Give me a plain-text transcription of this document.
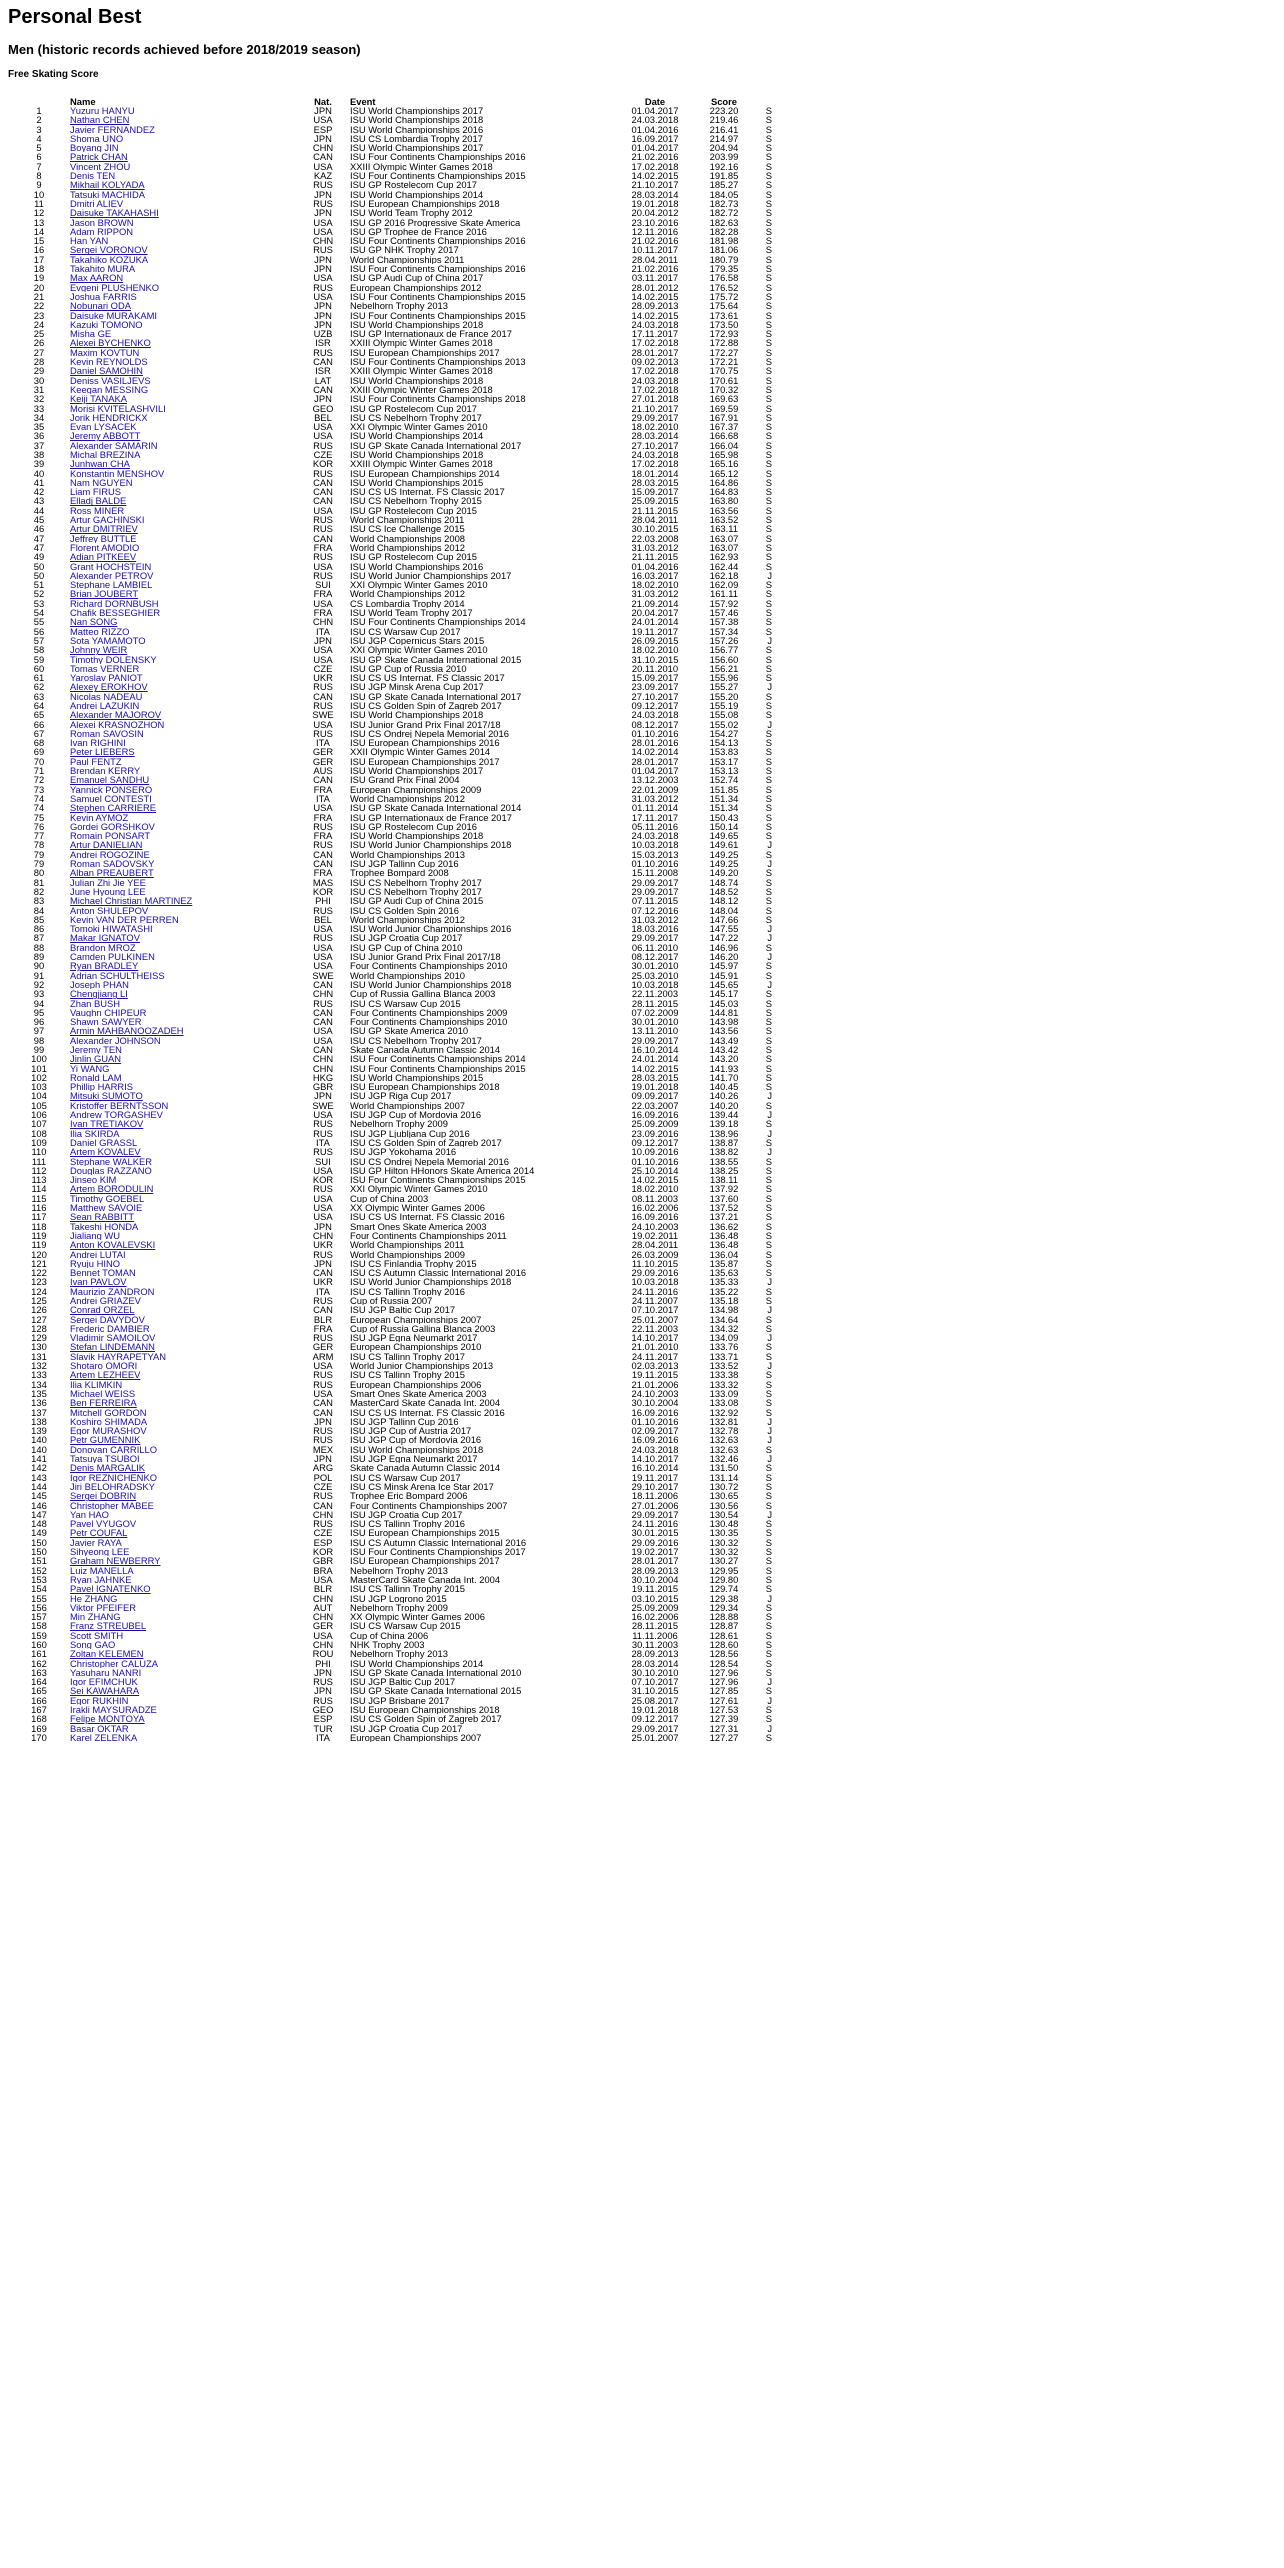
Personal Best
Men (historic records achieved before 2018/2019 season)
Free Skating Score
	Name	Nat.	Event	Date	Score	
1	Yuzuru HANYU	JPN	ISU World Championships 2017	01.04.2017	223.20	S
2	Nathan CHEN	USA	ISU World Championships 2018	24.03.2018	219.46	S
3	Javier FERNANDEZ	ESP	ISU World Championships 2016	01.04.2016	216.41	S
4	Shoma UNO	JPN	ISU CS Lombardia Trophy 2017	16.09.2017	214.97	S
5	Boyang JIN	CHN	ISU World Championships 2017	01.04.2017	204.94	S
6	Patrick CHAN	CAN	ISU Four Continents Championships 2016	21.02.2016	203.99	S
7	Vincent ZHOU	USA	XXIII Olympic Winter Games 2018	17.02.2018	192.16	S
8	Denis TEN	KAZ	ISU Four Continents Championships 2015	14.02.2015	191.85	S
9	Mikhail KOLYADA	RUS	ISU GP Rostelecom Cup 2017	21.10.2017	185.27	S
10	Tatsuki MACHIDA	JPN	ISU World Championships 2014	28.03.2014	184.05	S
11	Dmitri ALIEV	RUS	ISU European Championships 2018	19.01.2018	182.73	S
12	Daisuke TAKAHASHI	JPN	ISU World Team Trophy 2012	20.04.2012	182.72	S
13	Jason BROWN	USA	ISU GP 2016 Progressive Skate America	23.10.2016	182.63	S
14	Adam RIPPON	USA	ISU GP Trophee de France 2016	12.11.2016	182.28	S
15	Han YAN	CHN	ISU Four Continents Championships 2016	21.02.2016	181.98	S
16	Sergei VORONOV	RUS	ISU GP NHK Trophy 2017	10.11.2017	181.06	S
17	Takahiko KOZUKA	JPN	World Championships 2011	28.04.2011	180.79	S
18	Takahito MURA	JPN	ISU Four Continents Championships 2016	21.02.2016	179.35	S
19	Max AARON	USA	ISU GP Audi Cup of China 2017	03.11.2017	176.58	S
20	Evgeni PLUSHENKO	RUS	European Championships 2012	28.01.2012	176.52	S
21	Joshua FARRIS	USA	ISU Four Continents Championships 2015	14.02.2015	175.72	S
22	Nobunari ODA	JPN	Nebelhorn Trophy 2013	28.09.2013	175.64	S
23	Daisuke MURAKAMI	JPN	ISU Four Continents Championships 2015	14.02.2015	173.61	S
24	Kazuki TOMONO	JPN	ISU World Championships 2018	24.03.2018	173.50	S
25	Misha GE	UZB	ISU GP Internationaux de France 2017	17.11.2017	172.93	S
26	Alexei BYCHENKO	ISR	XXIII Olympic Winter Games 2018	17.02.2018	172.88	S
27	Maxim KOVTUN	RUS	ISU European Championships 2017	28.01.2017	172.27	S
28	Kevin REYNOLDS	CAN	ISU Four Continents Championships 2013	09.02.2013	172.21	S
29	Daniel SAMOHIN	ISR	XXIII Olympic Winter Games 2018	17.02.2018	170.75	S
30	Deniss VASILJEVS	LAT	ISU World Championships 2018	24.03.2018	170.61	S
31	Keegan MESSING	CAN	XXIII Olympic Winter Games 2018	17.02.2018	170.32	S
32	Keiji TANAKA	JPN	ISU Four Continents Championships 2018	27.01.2018	169.63	S
33	Morisi KVITELASHVILI	GEO	ISU GP Rostelecom Cup 2017	21.10.2017	169.59	S
34	Jorik HENDRICKX	BEL	ISU CS Nebelhorn Trophy 2017	29.09.2017	167.91	S
35	Evan LYSACEK	USA	XXI Olympic Winter Games 2010	18.02.2010	167.37	S
36	Jeremy ABBOTT	USA	ISU World Championships 2014	28.03.2014	166.68	S
37	Alexander SAMARIN	RUS	ISU GP Skate Canada International 2017	27.10.2017	166.04	S
38	Michal BREZINA	CZE	ISU World Championships 2018	24.03.2018	165.98	S
39	Junhwan CHA	KOR	XXIII Olympic Winter Games 2018	17.02.2018	165.16	S
40	Konstantin MENSHOV	RUS	ISU European Championships 2014	18.01.2014	165.12	S
41	Nam NGUYEN	CAN	ISU World Championships 2015	28.03.2015	164.86	S
42	Liam FIRUS	CAN	ISU CS US Internat. FS Classic 2017	15.09.2017	164.83	S
43	Elladj BALDE	CAN	ISU CS Nebelhorn Trophy 2015	25.09.2015	163.80	S
44	Ross MINER	USA	ISU GP Rostelecom Cup 2015	21.11.2015	163.56	S
45	Artur GACHINSKI	RUS	World Championships 2011	28.04.2011	163.52	S
46	Artur DMITRIEV	RUS	ISU CS Ice Challenge 2015	30.10.2015	163.11	S
47	Jeffrey BUTTLE	CAN	World Championships 2008	22.03.2008	163.07	S
47	Florent AMODIO	FRA	World Championships 2012	31.03.2012	163.07	S
49	Adian PITKEEV	RUS	ISU GP Rostelecom Cup 2015	21.11.2015	162.93	S
50	Grant HOCHSTEIN	USA	ISU World Championships 2016	01.04.2016	162.44	S
50	Alexander PETROV	RUS	ISU World Junior Championships 2017	16.03.2017	162.18	J
51	Stephane LAMBIEL	SUI	XXI Olympic Winter Games 2010	18.02.2010	162.09	S
52	Brian JOUBERT	FRA	World Championships 2012	31.03.2012	161.11	S
53	Richard DORNBUSH	USA	CS Lombardia Trophy 2014	21.09.2014	157.92	S
54	Chafik BESSEGHIER	FRA	ISU World Team Trophy 2017	20.04.2017	157.46	S
55	Nan SONG	CHN	ISU Four Continents Championships 2014	24.01.2014	157.38	S
56	Matteo RIZZO	ITA	ISU CS Warsaw Cup 2017	19.11.2017	157.34	S
57	Sota YAMAMOTO	JPN	ISU JGP Copernicus Stars 2015	26.09.2015	157.26	J
58	Johnny WEIR	USA	XXI Olympic Winter Games 2010	18.02.2010	156.77	S
59	Timothy DOLENSKY	USA	ISU GP Skate Canada International 2015	31.10.2015	156.60	S
60	Tomas VERNER	CZE	ISU GP Cup of Russia 2010	20.11.2010	156.21	S
61	Yaroslav PANIOT	UKR	ISU CS US Internat. FS Classic 2017	15.09.2017	155.96	S
62	Alexey EROKHOV	RUS	ISU JGP Minsk Arena Cup 2017	23.09.2017	155.27	J
63	Nicolas NADEAU	CAN	ISU GP Skate Canada International 2017	27.10.2017	155.20	S
64	Andrei LAZUKIN	RUS	ISU CS Golden Spin of Zagreb 2017	09.12.2017	155.19	S
65	Alexander MAJOROV	SWE	ISU World Championships 2018	24.03.2018	155.08	S
66	Alexei KRASNOZHON	USA	ISU Junior Grand Prix Final 2017/18	08.12.2017	155.02	J
67	Roman SAVOSIN	RUS	ISU CS Ondrej Nepela Memorial 2016	01.10.2016	154.27	S
68	Ivan RIGHINI	ITA	ISU European Championships 2016	28.01.2016	154.13	S
69	Peter LIEBERS	GER	XXII Olympic Winter Games 2014	14.02.2014	153.83	S
70	Paul FENTZ	GER	ISU European Championships 2017	28.01.2017	153.17	S
71	Brendan KERRY	AUS	ISU World Championships 2017	01.04.2017	153.13	S
72	Emanuel SANDHU	CAN	ISU Grand Prix Final 2004	13.12.2003	152.74	S
73	Yannick PONSERO	FRA	European Championships 2009	22.01.2009	151.85	S
74	Samuel CONTESTI	ITA	World Championships 2012	31.03.2012	151.34	S
74	Stephen CARRIERE	USA	ISU GP Skate Canada International 2014	01.11.2014	151.34	S
75	Kevin AYMOZ	FRA	ISU GP Internationaux de France 2017	17.11.2017	150.43	S
76	Gordei GORSHKOV	RUS	ISU GP Rostelecom Cup 2016	05.11.2016	150.14	S
77	Romain PONSART	FRA	ISU World Championships 2018	24.03.2018	149.65	S
78	Artur DANIELIAN	RUS	ISU World Junior Championships 2018	10.03.2018	149.61	J
79	Andrei ROGOZINE	CAN	World Championships 2013	15.03.2013	149.25	S
79	Roman SADOVSKY	CAN	ISU JGP Tallinn Cup 2016	01.10.2016	149.25	J
80	Alban PREAUBERT	FRA	Trophee Bompard 2008	15.11.2008	149.20	S
81	Julian Zhi Jie YEE	MAS	ISU CS Nebelhorn Trophy 2017	29.09.2017	148.74	S
82	June Hyoung LEE	KOR	ISU CS Nebelhorn Trophy 2017	29.09.2017	148.52	S
83	Michael Christian MARTINEZ	PHI	ISU GP Audi Cup of China 2015	07.11.2015	148.12	S
84	Anton SHULEPOV	RUS	ISU CS Golden Spin 2016	07.12.2016	148.04	S
85	Kevin VAN DER PERREN	BEL	World Championships 2012	31.03.2012	147.66	S
86	Tomoki HIWATASHI	USA	ISU World Junior Championships 2016	18.03.2016	147.55	J
87	Makar IGNATOV	RUS	ISU JGP Croatia Cup 2017	29.09.2017	147.22	J
88	Brandon MROZ	USA	ISU GP Cup of China 2010	06.11.2010	146.96	S
89	Camden PULKINEN	USA	ISU Junior Grand Prix Final 2017/18	08.12.2017	146.20	J
90	Ryan BRADLEY	USA	Four Continents Championships 2010	30.01.2010	145.97	S
91	Adrian SCHULTHEISS	SWE	World Championships 2010	25.03.2010	145.91	S
92	Joseph PHAN	CAN	ISU World Junior Championships 2018	10.03.2018	145.65	J
93	Chengjiang LI	CHN	Cup of Russia Gallina Blanca 2003	22.11.2003	145.17	S
94	Zhan BUSH	RUS	ISU CS Warsaw Cup 2015	28.11.2015	145.03	S
95	Vaughn CHIPEUR	CAN	Four Continents Championships 2009	07.02.2009	144.81	S
96	Shawn SAWYER	CAN	Four Continents Championships 2010	30.01.2010	143.98	S
97	Armin MAHBANOOZADEH	USA	ISU GP Skate America 2010	13.11.2010	143.56	S
98	Alexander JOHNSON	USA	ISU CS Nebelhorn Trophy 2017	29.09.2017	143.49	S
99	Jeremy TEN	CAN	Skate Canada Autumn Classic 2014	16.10.2014	143.42	S
100	Jinlin GUAN	CHN	ISU Four Continents Championships 2014	24.01.2014	143.20	S
101	Yi WANG	CHN	ISU Four Continents Championships 2015	14.02.2015	141.93	S
102	Ronald LAM	HKG	ISU World Championships 2015	28.03.2015	141.70	S
103	Phillip HARRIS	GBR	ISU European Championships 2018	19.01.2018	140.45	S
104	Mitsuki SUMOTO	JPN	ISU JGP Riga Cup 2017	09.09.2017	140.26	J
105	Kristoffer BERNTSSON	SWE	World Championships 2007	22.03.2007	140.20	S
106	Andrew TORGASHEV	USA	ISU JGP Cup of Mordovia 2016	16.09.2016	139.44	J
107	Ivan TRETIAKOV	RUS	Nebelhorn Trophy 2009	25.09.2009	139.18	S
108	Ilia SKIRDA	RUS	ISU JGP Ljubljana Cup 2016	23.09.2016	138.96	J
109	Daniel GRASSL	ITA	ISU CS Golden Spin of Zagreb 2017	09.12.2017	138.87	S
110	Artem KOVALEV	RUS	ISU JGP Yokohama 2016	10.09.2016	138.82	J
111	Stephane WALKER	SUI	ISU CS Ondrej Nepela Memorial 2016	01.10.2016	138.55	S
112	Douglas RAZZANO	USA	ISU GP Hilton HHonors Skate America 2014	25.10.2014	138.25	S
113	Jinseo KIM	KOR	ISU Four Continents Championships 2015	14.02.2015	138.11	S
114	Artem BORODULIN	RUS	XXI Olympic Winter Games 2010	18.02.2010	137.92	S
115	Timothy GOEBEL	USA	Cup of China 2003	08.11.2003	137.60	S
116	Matthew SAVOIE	USA	XX Olympic Winter Games 2006	16.02.2006	137.52	S
117	Sean RABBITT	USA	ISU CS US Internat. FS Classic 2016	16.09.2016	137.21	S
118	Takeshi HONDA	JPN	Smart Ones Skate America 2003	24.10.2003	136.62	S
119	Jialiang WU	CHN	Four Continents Championships 2011	19.02.2011	136.48	S
119	Anton KOVALEVSKI	UKR	World Championships 2011	28.04.2011	136.48	S
120	Andrei LUTAI	RUS	World Championships 2009	26.03.2009	136.04	S
121	Ryuju HINO	JPN	ISU CS Finlandia Trophy 2015	11.10.2015	135.87	S
122	Bennet TOMAN	CAN	ISU CS Autumn Classic International 2016	29.09.2016	135.63	S
123	Ivan PAVLOV	UKR	ISU World Junior Championships 2018	10.03.2018	135.33	J
124	Maurizio ZANDRON	ITA	ISU CS Tallinn Trophy 2016	24.11.2016	135.22	S
125	Andrei GRIAZEV	RUS	Cup of Russia 2007	24.11.2007	135.18	S
126	Conrad ORZEL	CAN	ISU JGP Baltic Cup 2017	07.10.2017	134.98	J
127	Sergei DAVYDOV	BLR	European Championships 2007	25.01.2007	134.64	S
128	Frederic DAMBIER	FRA	Cup of Russia Gallina Blanca 2003	22.11.2003	134.32	S
129	Vladimir SAMOILOV	RUS	ISU JGP Egna Neumarkt 2017	14.10.2017	134.09	J
130	Stefan LINDEMANN	GER	European Championships 2010	21.01.2010	133.76	S
131	Slavik HAYRAPETYAN	ARM	ISU CS Tallinn Trophy 2017	24.11.2017	133.71	S
132	Shotaro OMORI	USA	World Junior Championships 2013	02.03.2013	133.52	J
133	Artem LEZHEEV	RUS	ISU CS Tallinn Trophy 2015	19.11.2015	133.38	S
134	Ilia KLIMKIN	RUS	European Championships 2006	21.01.2006	133.32	S
135	Michael WEISS	USA	Smart Ones Skate America 2003	24.10.2003	133.09	S
136	Ben FERREIRA	CAN	MasterCard Skate Canada Int. 2004	30.10.2004	133.08	S
137	Mitchell GORDON	CAN	ISU CS US Internat. FS Classic 2016	16.09.2016	132.92	S
138	Koshiro SHIMADA	JPN	ISU JGP Tallinn Cup 2016	01.10.2016	132.81	J
139	Egor MURASHOV	RUS	ISU JGP Cup of Austria 2017	02.09.2017	132.78	J
140	Petr GUMENNIK	RUS	ISU JGP Cup of Mordovia 2016	16.09.2016	132.63	J
140	Donovan CARRILLO	MEX	ISU World Championships 2018	24.03.2018	132.63	S
141	Tatsuya TSUBOI	JPN	ISU JGP Egna Neumarkt 2017	14.10.2017	132.46	J
142	Denis MARGALIK	ARG	Skate Canada Autumn Classic 2014	16.10.2014	131.50	S
143	Igor REZNICHENKO	POL	ISU CS Warsaw Cup 2017	19.11.2017	131.14	S
144	Jiri BELOHRADSKY	CZE	ISU CS Minsk Arena Ice Star 2017	29.10.2017	130.72	S
145	Sergei DOBRIN	RUS	Trophee Eric Bompard 2006	18.11.2006	130.65	S
146	Christopher MABEE	CAN	Four Continents Championships 2007	27.01.2006	130.56	S
147	Yan HAO	CHN	ISU JGP Croatia Cup 2017	29.09.2017	130.54	J
148	Pavel VYUGOV	RUS	ISU CS Tallinn Trophy 2016	24.11.2016	130.48	S
149	Petr COUFAL	CZE	ISU European Championships 2015	30.01.2015	130.35	S
150	Javier RAYA	ESP	ISU CS Autumn Classic International 2016	29.09.2016	130.32	S
150	Sihyeong LEE	KOR	ISU Four Continents Championships 2017	19.02.2017	130.32	S
151	Graham NEWBERRY	GBR	ISU European Championships 2017	28.01.2017	130.27	S
152	Luiz MANELLA	BRA	Nebelhorn Trophy 2013	28.09.2013	129.95	S
153	Ryan JAHNKE	USA	MasterCard Skate Canada Int. 2004	30.10.2004	129.80	S
154	Pavel IGNATENKO	BLR	ISU CS Tallinn Trophy 2015	19.11.2015	129.74	S
155	He ZHANG	CHN	ISU JGP Logrono 2015	03.10.2015	129.38	J
156	Viktor PFEIFER	AUT	Nebelhorn Trophy 2009	25.09.2009	129.34	S
157	Min ZHANG	CHN	XX Olympic Winter Games 2006	16.02.2006	128.88	S
158	Franz STREUBEL	GER	ISU CS Warsaw Cup 2015	28.11.2015	128.87	S
159	Scott SMITH	USA	Cup of China 2006	11.11.2006	128.61	S
160	Song GAO	CHN	NHK Trophy 2003	30.11.2003	128.60	S
161	Zoltan KELEMEN	ROU	Nebelhorn Trophy 2013	28.09.2013	128.56	S
162	Christopher CALUZA	PHI	ISU World Championships 2014	28.03.2014	128.54	S
163	Yasuharu NANRI	JPN	ISU GP Skate Canada International 2010	30.10.2010	127.96	S
164	Igor EFIMCHUK	RUS	ISU JGP Baltic Cup 2017	07.10.2017	127.96	J
165	Sei KAWAHARA	JPN	ISU GP Skate Canada International 2015	31.10.2015	127.85	S
166	Egor RUKHIN	RUS	ISU JGP Brisbane 2017	25.08.2017	127.61	J
167	Irakli MAYSURADZE	GEO	ISU European Championships 2018	19.01.2018	127.53	S
168	Felipe MONTOYA	ESP	ISU CS Golden Spin of Zagreb 2017	09.12.2017	127.39	S
169	Basar OKTAR	TUR	ISU JGP Croatia Cup 2017	29.09.2017	127.31	J
170	Karel ZELENKA	ITA	European Championships 2007	25.01.2007	127.27	S
